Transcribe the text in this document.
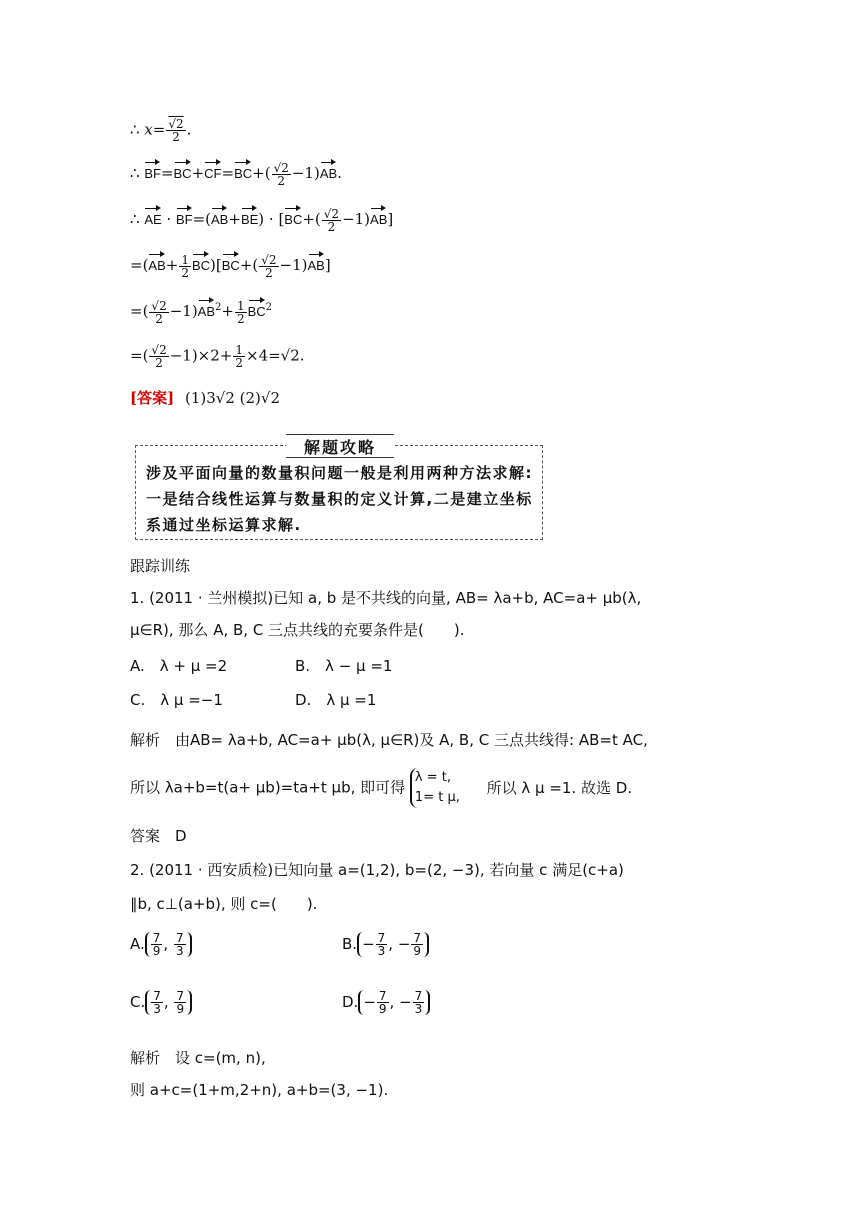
∴ $x= \frac{√2}{2}$ .
∴ $BF=BC+CF=BC+( \frac{√2}{2} -1)AB$.
∴ AE · $BF=(AB+BE) \cdot [BC+( \frac{√2}{2} -1)AB]$
$=(AB+ \frac{1}{2} BC)[BC+( \frac{√2}{2} -1)AB]$
=( $\frac{√2}{2} -1)AB^2+ \frac{1}{2} BC^2$
=( $\frac{√2}{2} -1)\times 2+ \frac{1}{2} \times 4=√2$.
[答案] (1)3√2 (2)√2
解题攻略
涉及平面向量的数量积问题一般是利用两种方法求解:一是结合线性运算与数量积的定义计算,二是建立坐标系通过坐标运算求解.
跟踪训练
1. (2011 · 兰州模拟)已知 a, b 是不共线的向量, AB= λa+b, AC=a+ μb(λ,
μ∈R), 那么 A, B, C 三点共线的充要条件是(　　).
A.　λ + μ =2	B.　λ − μ =1
C.　λ μ =−1	D.　λ μ =1
解析　由AB= λa+b, AC=a+ μb(λ, μ∈R)及 A, B, C 三点共线得: AB=t AC,
所以 λa+b=t(a+ μb)=ta+t μb, 即可得
λ = t,
1= t μ,
所以 λ μ =1. 故选 D.
答案　D
2. (2011 · 西安质检)已知向量 a=(1,2), b=(2, −3), 若向量 c 满足(c+a)
∥b, c⊥(a+b), 则 c=(　　).
A. $\frac{7}{9}$ , $\frac{7}{3}$	B. − $\frac{7}{3}$ , − $\frac{7}{9}$
C. $\frac{7}{3}$ , $\frac{7}{9}$	D. − $\frac{7}{9}$ , − $\frac{7}{3}$
解析　设 c=(m, n),
则 a+c=(1+m,2+n), a+b=(3, −1).
